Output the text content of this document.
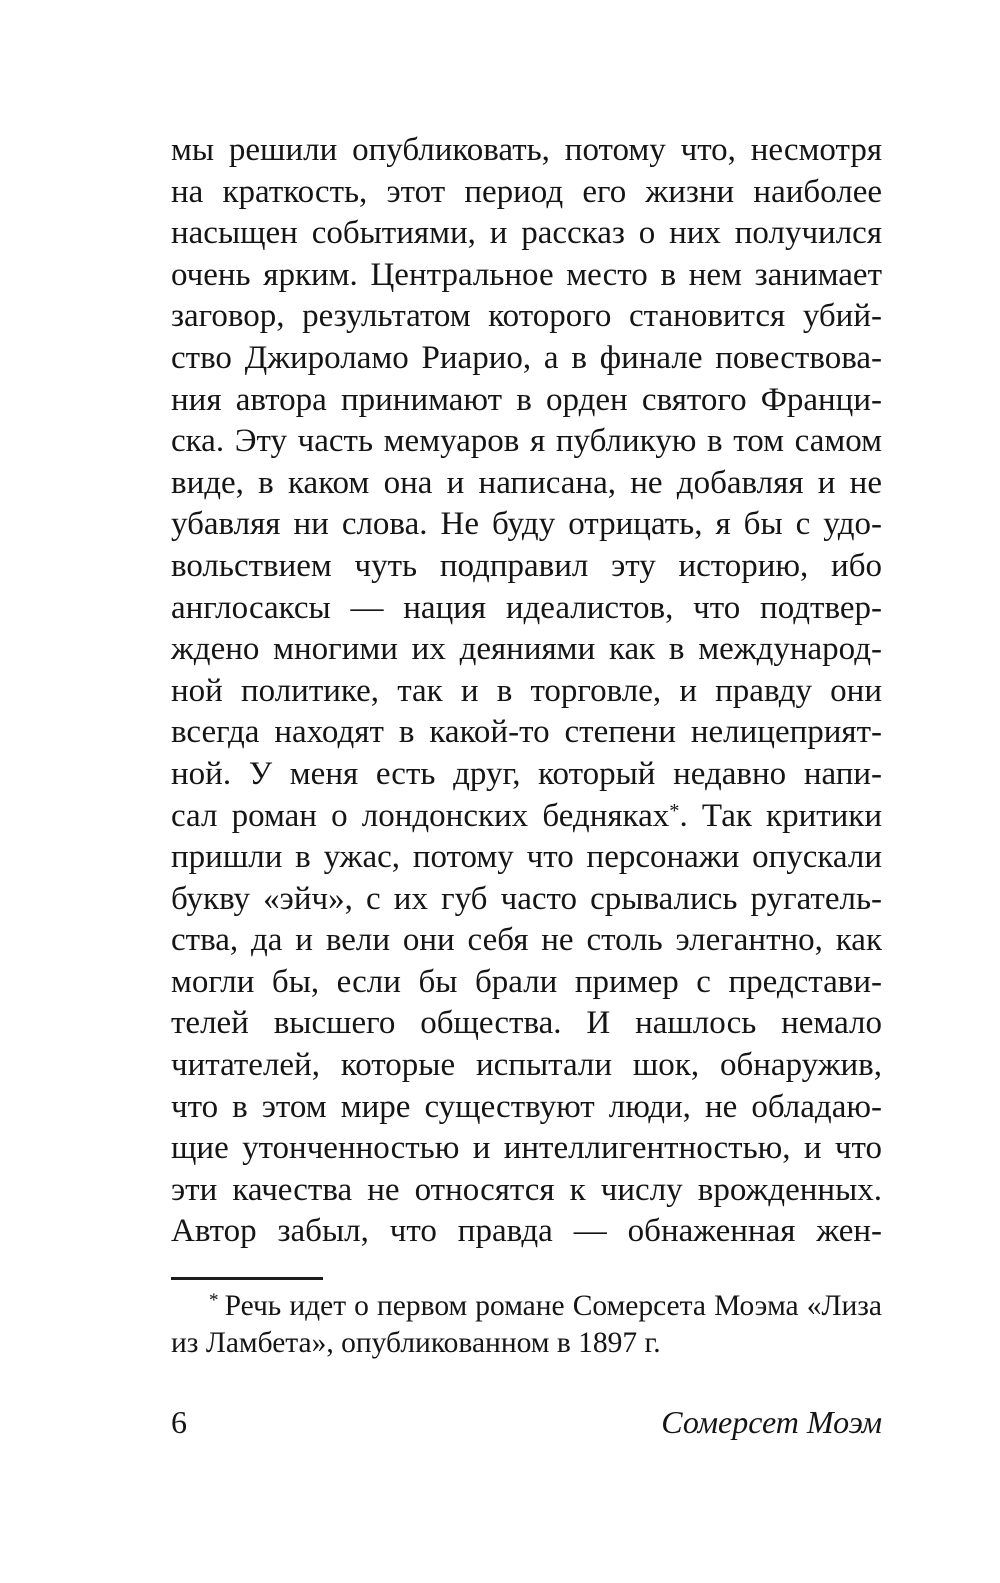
мы решили опубликовать, потому что, несмотря
на краткость, этот период его жизни наиболее
насыщен событиями, и рассказ о них получился
очень ярким. Центральное место в нем занимает
заговор, результатом которого становится убий-
ство Джироламо Риарио, а в финале повествова-
ния автора принимают в орден святого Франци-
ска. Эту часть мемуаров я публикую в том самом
виде, в каком она и написана, не добавляя и не
убавляя ни слова. Не буду отрицать, я бы с удо-
вольствием чуть подправил эту историю, ибо
англосаксы — нация идеалистов, что подтвер-
ждено многими их деяниями как в международ-
ной политике, так и в торговле, и правду они
всегда находят в какой-то степени нелицеприят-
ной. У меня есть друг, который недавно напи-
сал роман о лондонских бедняках*. Так критики
пришли в ужас, потому что персонажи опускали
букву «эйч», с их губ часто срывались ругатель-
ства, да и вели они себя не столь элегантно, как
могли бы, если бы брали пример с представи-
телей высшего общества. И нашлось немало
читателей, которые испытали шок, обнаружив,
что в этом мире существуют люди, не обладаю-
щие утонченностью и интеллигентностью, и что
эти качества не относятся к числу врожденных.
Автор забыл, что правда — обнаженная жен-
* Речь идет о первом романе Сомерсета Моэма «Лиза
из Ламбета», опубликованном в 1897 г.
6	Сомерсет Моэм
